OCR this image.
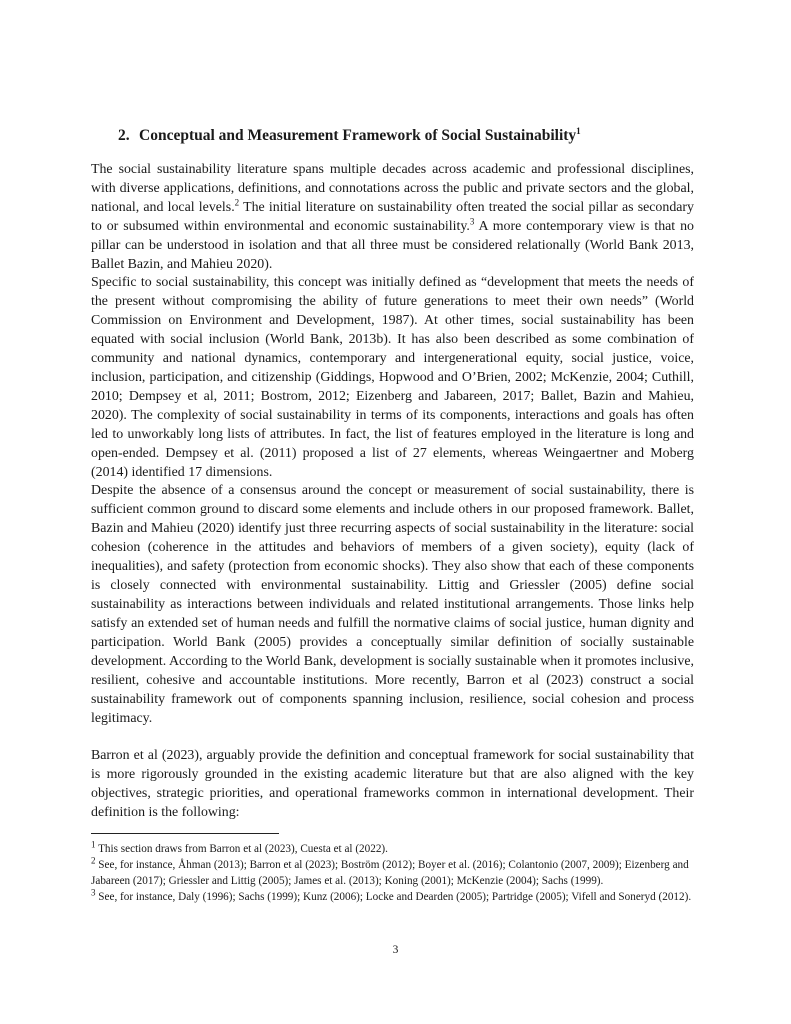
2. Conceptual and Measurement Framework of Social Sustainability$^1$

The social sustainability literature spans multiple decades across academic and professional disciplines, with diverse applications, definitions, and connotations across the public and private sectors and the global, national, and local levels.$^2$ The initial literature on sustainability often treated the social pillar as secondary to or subsumed within environmental and economic sustainability.$^3$ A more contemporary view is that no pillar can be understood in isolation and that all three must be considered relationally (World Bank 2013, Ballet Bazin, and Mahieu 2020).

Specific to social sustainability, this concept was initially defined as “development that meets the needs of the present without compromising the ability of future generations to meet their own needs” (World Commission on Environment and Development, 1987). At other times, social sustainability has been equated with social inclusion (World Bank, 2013b). It has also been described as some combination of community and national dynamics, contemporary and intergenerational equity, social justice, voice, inclusion, participation, and citizenship (Giddings, Hopwood and O’Brien, 2002; McKenzie, 2004; Cuthill, 2010; Dempsey et al, 2011; Bostrom, 2012; Eizenberg and Jabareen, 2017; Ballet, Bazin and Mahieu, 2020). The complexity of social sustainability in terms of its components, interactions and goals has often led to unworkably long lists of attributes. In fact, the list of features employed in the literature is long and open-ended. Dempsey et al. (2011) proposed a list of 27 elements, whereas Weingaertner and Moberg (2014) identified 17 dimensions.

Despite the absence of a consensus around the concept or measurement of social sustainability, there is sufficient common ground to discard some elements and include others in our proposed framework. Ballet, Bazin and Mahieu (2020) identify just three recurring aspects of social sustainability in the literature: social cohesion (coherence in the attitudes and behaviors of members of a given society), equity (lack of inequalities), and safety (protection from economic shocks). They also show that each of these components is closely connected with environmental sustainability. Littig and Griessler (2005) define social sustainability as interactions between individuals and related institutional arrangements. Those links help satisfy an extended set of human needs and fulfill the normative claims of social justice, human dignity and participation. World Bank (2005) provides a conceptually similar definition of socially sustainable development. According to the World Bank, development is socially sustainable when it promotes inclusive, resilient, cohesive and accountable institutions. More recently, Barron et al (2023) construct a social sustainability framework out of components spanning inclusion, resilience, social cohesion and process legitimacy.

Barron et al (2023), arguably provide the definition and conceptual framework for social sustainability that is more rigorously grounded in the existing academic literature but that are also aligned with the key objectives, strategic priorities, and operational frameworks common in international development. Their definition is the following:

$^1$ This section draws from Barron et al (2023), Cuesta et al (2022).

$^2$ See, for instance, Åhman (2013); Barron et al (2023); Boström (2012); Boyer et al. (2016); Colantonio (2007, 2009); Eizenberg and Jabareen (2017); Griessler and Littig (2005); James et al. (2013); Koning (2001); McKenzie (2004); Sachs (1999).

$^3$ See, for instance, Daly (1996); Sachs (1999); Kunz (2006); Locke and Dearden (2005); Partridge (2005); Vifell and Soneryd (2012).

3
